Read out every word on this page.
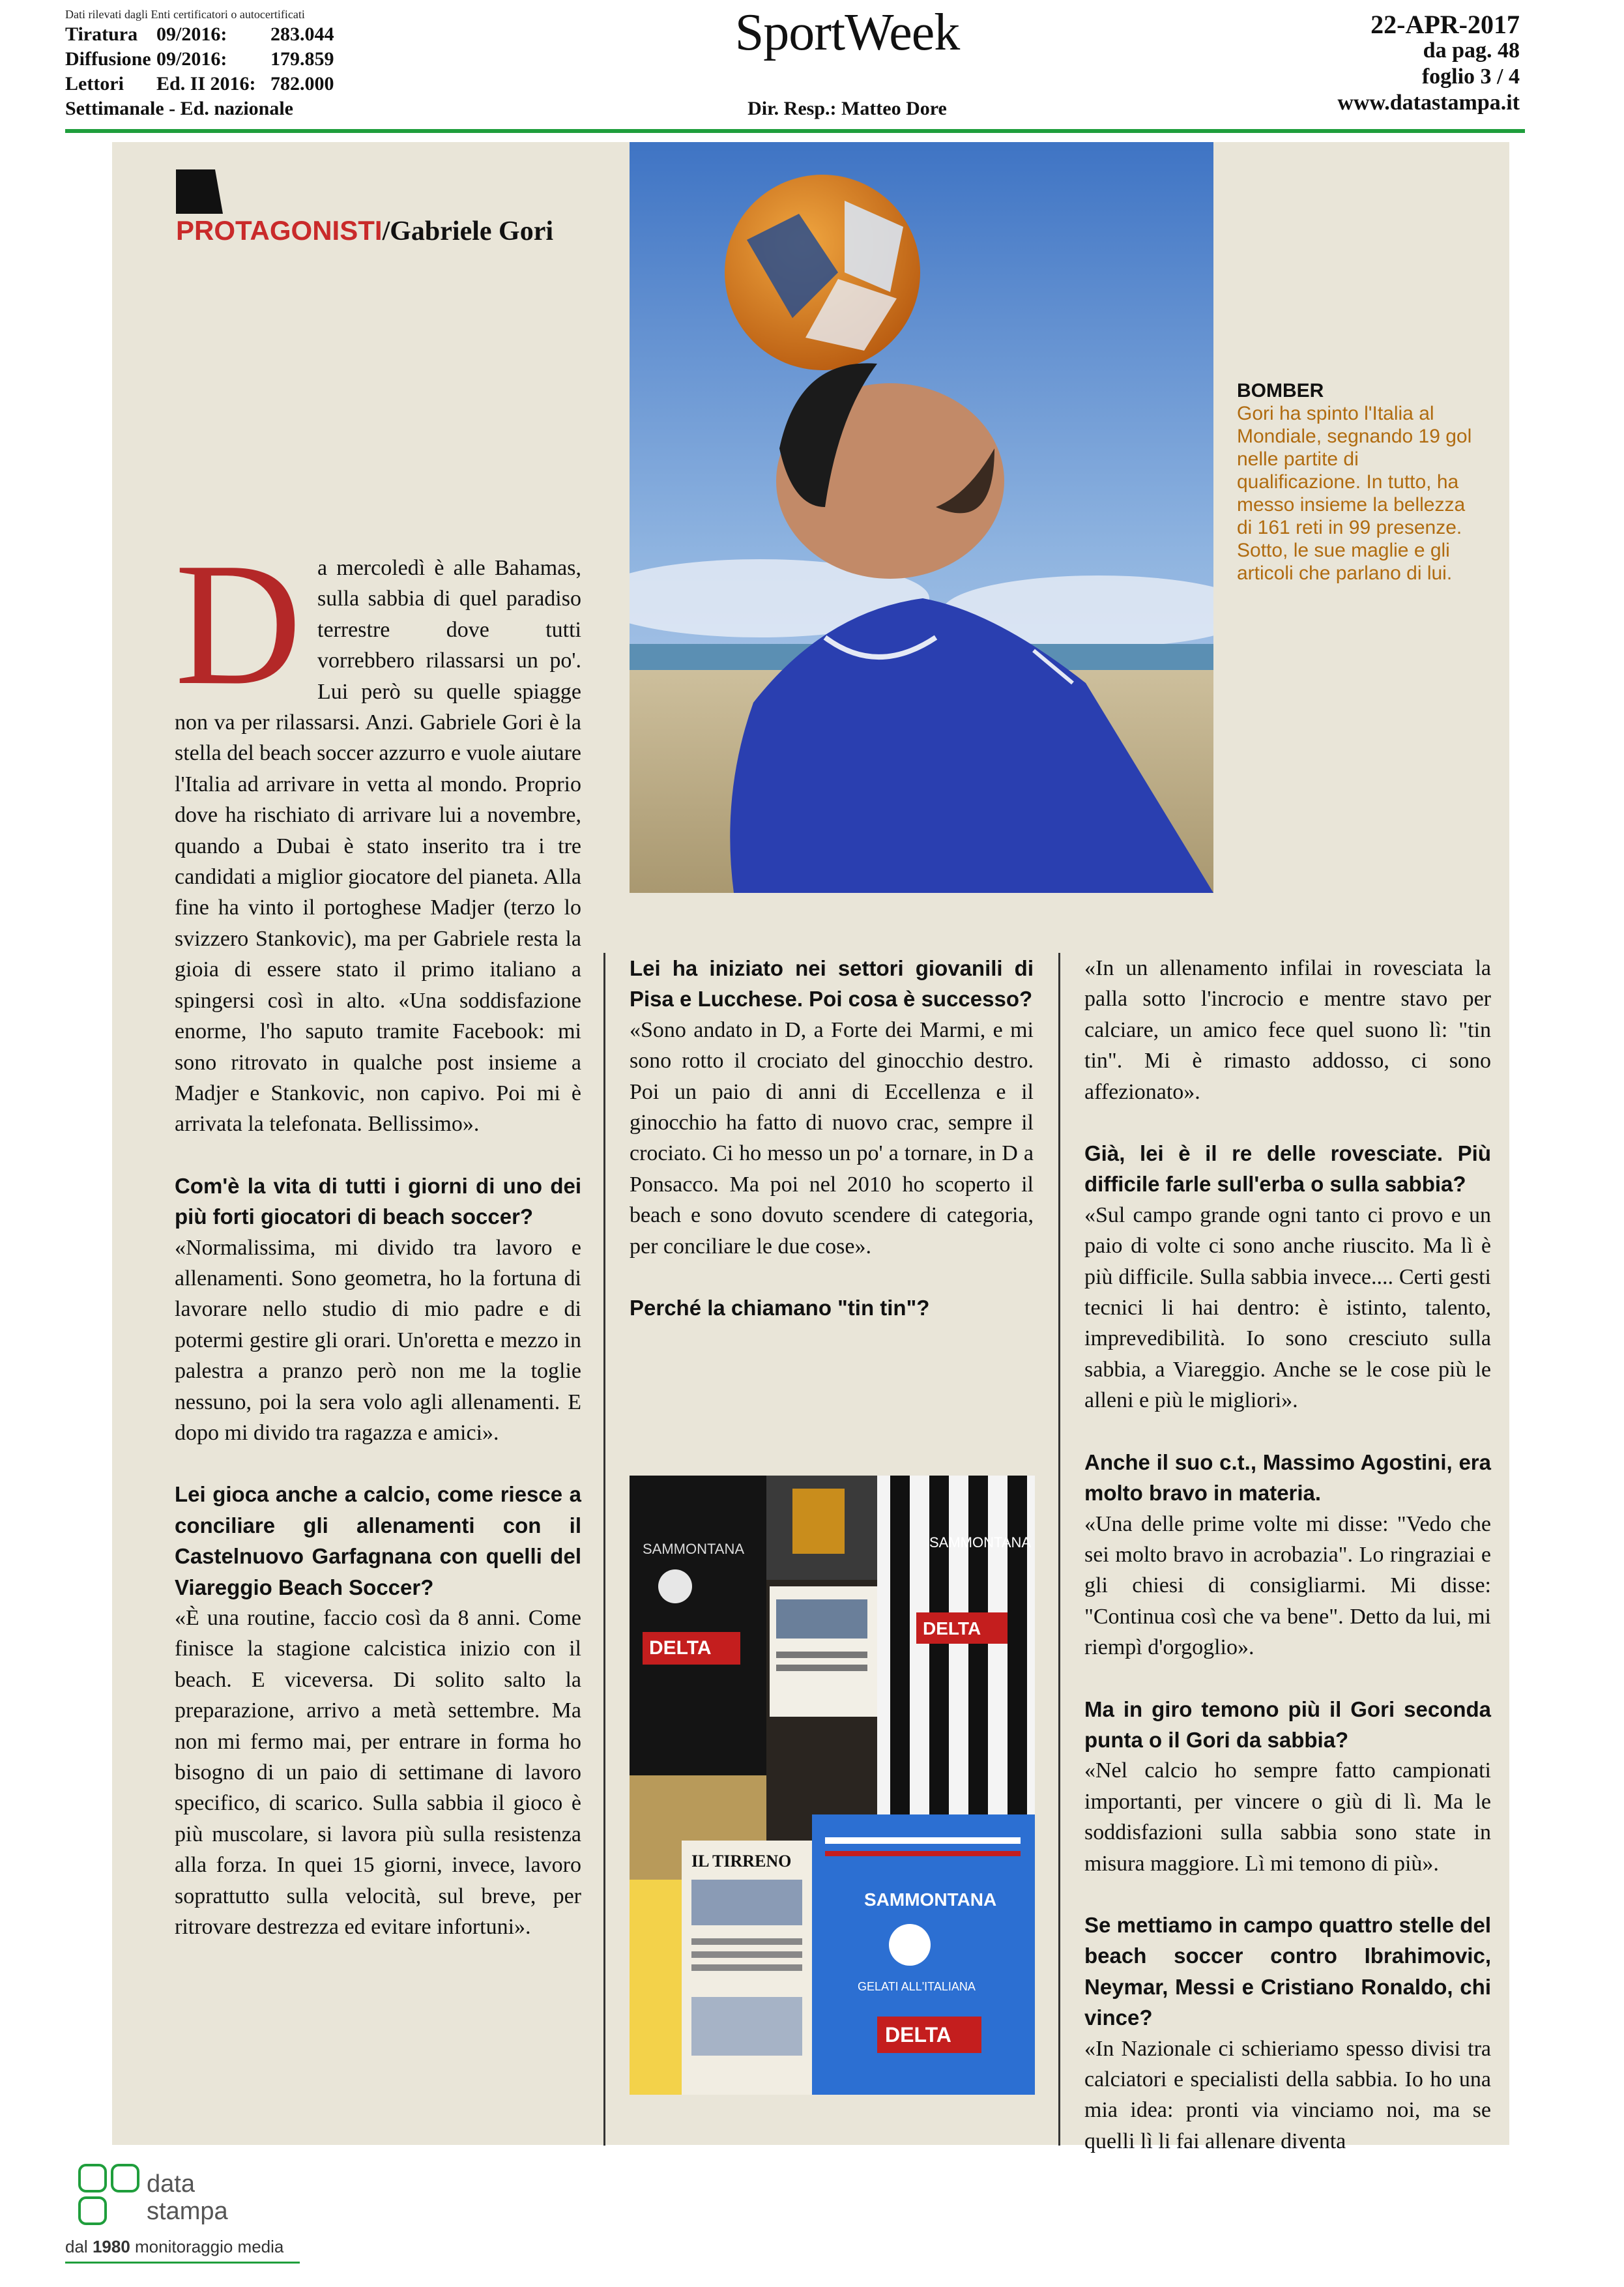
Dati rilevati dagli Enti certificatori o autocertificati
Tiratura 09/2016: 283.044
Diffusione 09/2016: 179.859
Lettori Ed. II 2016: 782.000
Settimanale - Ed. nazionale
SportWeek
Dir. Resp.: Matteo Dore
22-APR-2017
da pag. 48
foglio 3 / 4
www.datastampa.it
PROTAGONISTI/Gabriele Gori
BOMBER
Gori ha spinto l'Italia al Mondiale, segnando 19 gol nelle partite di qualificazione. In tutto, ha messo insieme la bellezza di 161 reti in 99 presenze. Sotto, le sue maglie e gli articoli che parlano di lui.
D a mercoledì è alle Bahamas, sulla sabbia di quel paradiso terrestre dove tutti vorrebbero rilassarsi un po'. Lui però su quelle spiagge non va per rilassarsi. Anzi. Gabriele Gori è la stella del beach soccer azzurro e vuole aiutare l'Italia ad arrivare in vetta al mondo. Proprio dove ha rischiato di arrivare lui a novembre, quando a Dubai è stato inserito tra i tre candidati a miglior giocatore del pianeta. Alla fine ha vinto il portoghese Madjer (terzo lo svizzero Stankovic), ma per Gabriele resta la gioia di essere stato il primo italiano a spingersi così in alto. «Una soddisfazione enorme, l'ho saputo tramite Facebook: mi sono ritrovato in qualche post insieme a Madjer e Stankovic, non capivo. Poi mi è arrivata la telefonata. Bellissimo».

Com'è la vita di tutti i giorni di uno dei più forti giocatori di beach soccer?

«Normalissima, mi divido tra lavoro e allenamenti. Sono geometra, ho la fortuna di lavorare nello studio di mio padre e di potermi gestire gli orari. Un'oretta e mezzo in palestra a pranzo però non me la toglie nessuno, poi la sera volo agli allenamenti. E dopo mi divido tra ragazza e amici».

Lei gioca anche a calcio, come riesce a conciliare gli allenamenti con il Castelnuovo Garfagnana con quelli del Viareggio Beach Soccer?

«È una routine, faccio così da 8 anni. Come finisce la stagione calcistica inizio con il beach. E viceversa. Di solito salto la preparazione, arrivo a metà settembre. Ma non mi fermo mai, per entrare in forma ho bisogno di un paio di settimane di lavoro specifico, di scarico. Sulla sabbia il gioco è più muscolare, si lavora più sulla resistenza alla forza. In quei 15 giorni, invece, lavoro soprattutto sulla velocità, sul breve, per ritrovare destrezza ed evitare infortuni».

Lei ha iniziato nei settori giovanili di Pisa e Lucchese. Poi cosa è successo?

«Sono andato in D, a Forte dei Marmi, e mi sono rotto il crociato del ginocchio destro. Poi un paio di anni di Eccellenza e il ginocchio ha fatto di nuovo crac, sempre il crociato. Ci ho messo un po' a tornare, in D a Ponsacco. Ma poi nel 2010 ho scoperto il beach e sono dovuto scendere di categoria, per conciliare le due cose».

Perché la chiamano "tin tin"?

SAMMONTANA
DELTA
SAMMONTANA
DELTA
IL TIRRENO
SAMMONTANA
GELATI ALL'ITALIANA
DELTA

«In un allenamento infilai in rovesciata la palla sotto l'incrocio e mentre stavo per calciare, un amico fece quel suono lì: "tin tin". Mi è rimasto addosso, ci sono affezionato».

Già, lei è il re delle rovesciate. Più difficile farle sull'erba o sulla sabbia?

«Sul campo grande ogni tanto ci provo e un paio di volte ci sono anche riuscito. Ma lì è più difficile. Sulla sabbia invece.... Certi gesti tecnici li hai dentro: è istinto, talento, imprevedibilità. Io sono cresciuto sulla sabbia, a Viareggio. Anche se le cose più le alleni e più le migliori».

Anche il suo c.t., Massimo Agostini, era molto bravo in materia.

«Una delle prime volte mi disse: "Vedo che sei molto bravo in acrobazia". Lo ringraziai e gli chiesi di consigliarmi. Mi disse: "Continua così che va bene". Detto da lui, mi riempì d'orgoglio».

Ma in giro temono più il Gori seconda punta o il Gori da sabbia?

«Nel calcio ho sempre fatto campionati importanti, per vincere o giù di lì. Ma le soddisfazioni sulla sabbia sono state in misura maggiore. Lì mi temono di più».

Se mettiamo in campo quattro stelle del beach soccer contro Ibrahimovic, Neymar, Messi e Cristiano Ronaldo, chi vince?

«In Nazionale ci schieriamo spesso divisi tra calciatori e specialisti della sabbia. Io ho una mia idea: pronti via vinciamo noi, ma se quelli lì li fai allenare diventa

data
stampa
dal 1980 monitoraggio media
